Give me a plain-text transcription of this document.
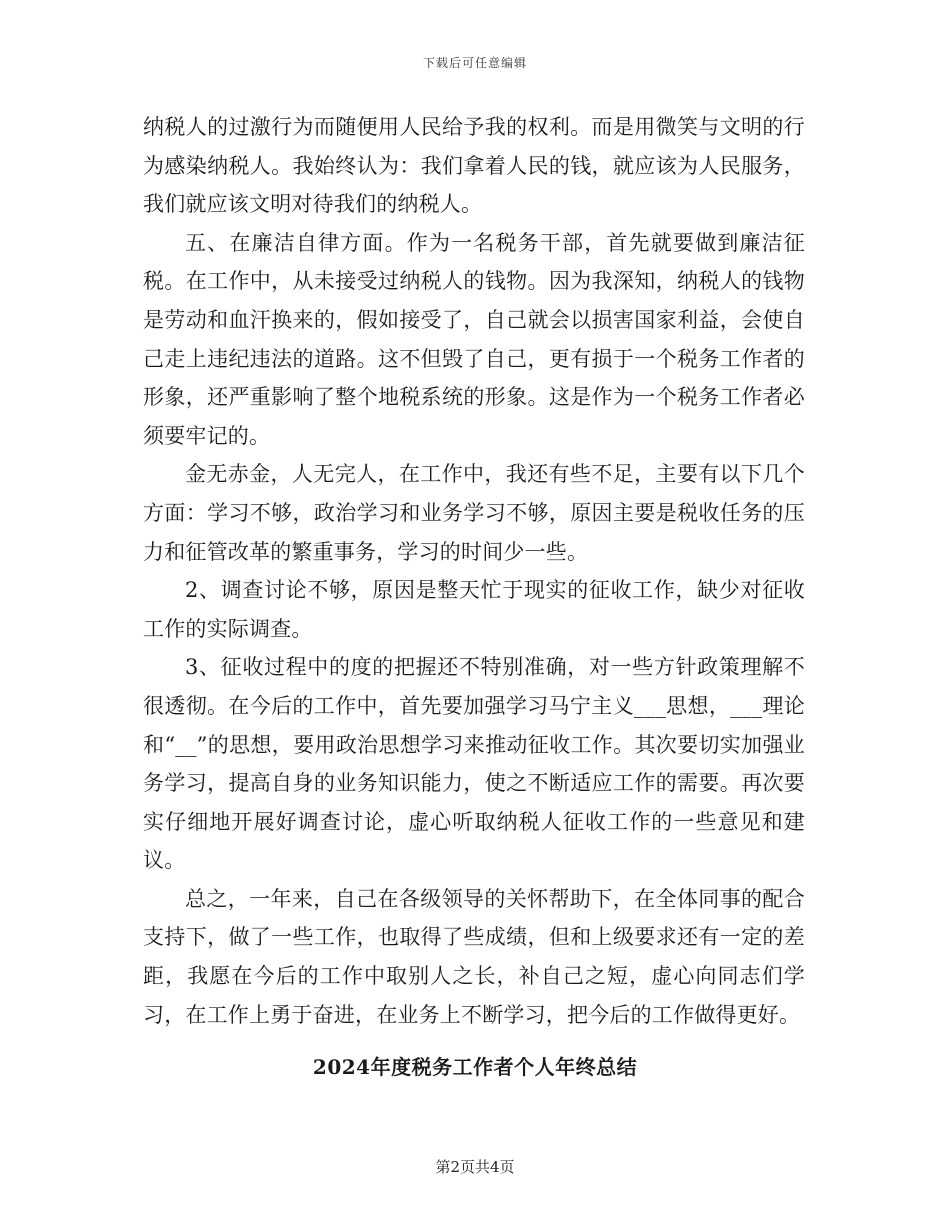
下载后可任意编辑

纳税人的过激行为而随便用人民给予我的权利。而是用微笑与文明的行为感染纳税人。我始终认为：我们拿着人民的钱，就应该为人民服务，我们就应该文明对待我们的纳税人。

五、在廉洁自律方面。作为一名税务干部，首先就要做到廉洁征税。在工作中，从未接受过纳税人的钱物。因为我深知，纳税人的钱物是劳动和血汗换来的，假如接受了，自己就会以损害国家利益，会使自己走上违纪违法的道路。这不但毁了自己，更有损于一个税务工作者的形象，还严重影响了整个地税系统的形象。这是作为一个税务工作者必须要牢记的。

金无赤金，人无完人，在工作中，我还有些不足，主要有以下几个方面：学习不够，政治学习和业务学习不够，原因主要是税收任务的压力和征管改革的繁重事务，学习的时间少一些。

2、调查讨论不够，原因是整天忙于现实的征收工作，缺少对征收工作的实际调查。

3、征收过程中的度的把握还不特别准确，对一些方针政策理解不很透彻。在今后的工作中，首先要加强学习马宁主义___思想，___理论和“__”的思想，要用政治思想学习来推动征收工作。其次要切实加强业务学习，提高自身的业务知识能力，使之不断适应工作的需要。再次要实仔细地开展好调查讨论，虚心听取纳税人征收工作的一些意见和建议。

总之，一年来，自己在各级领导的关怀帮助下，在全体同事的配合支持下，做了一些工作，也取得了些成绩，但和上级要求还有一定的差距，我愿在今后的工作中取别人之长，补自己之短，虚心向同志们学习，在工作上勇于奋进，在业务上不断学习，把今后的工作做得更好。

2024年度税务工作者个人年终总结
第2页共4页
